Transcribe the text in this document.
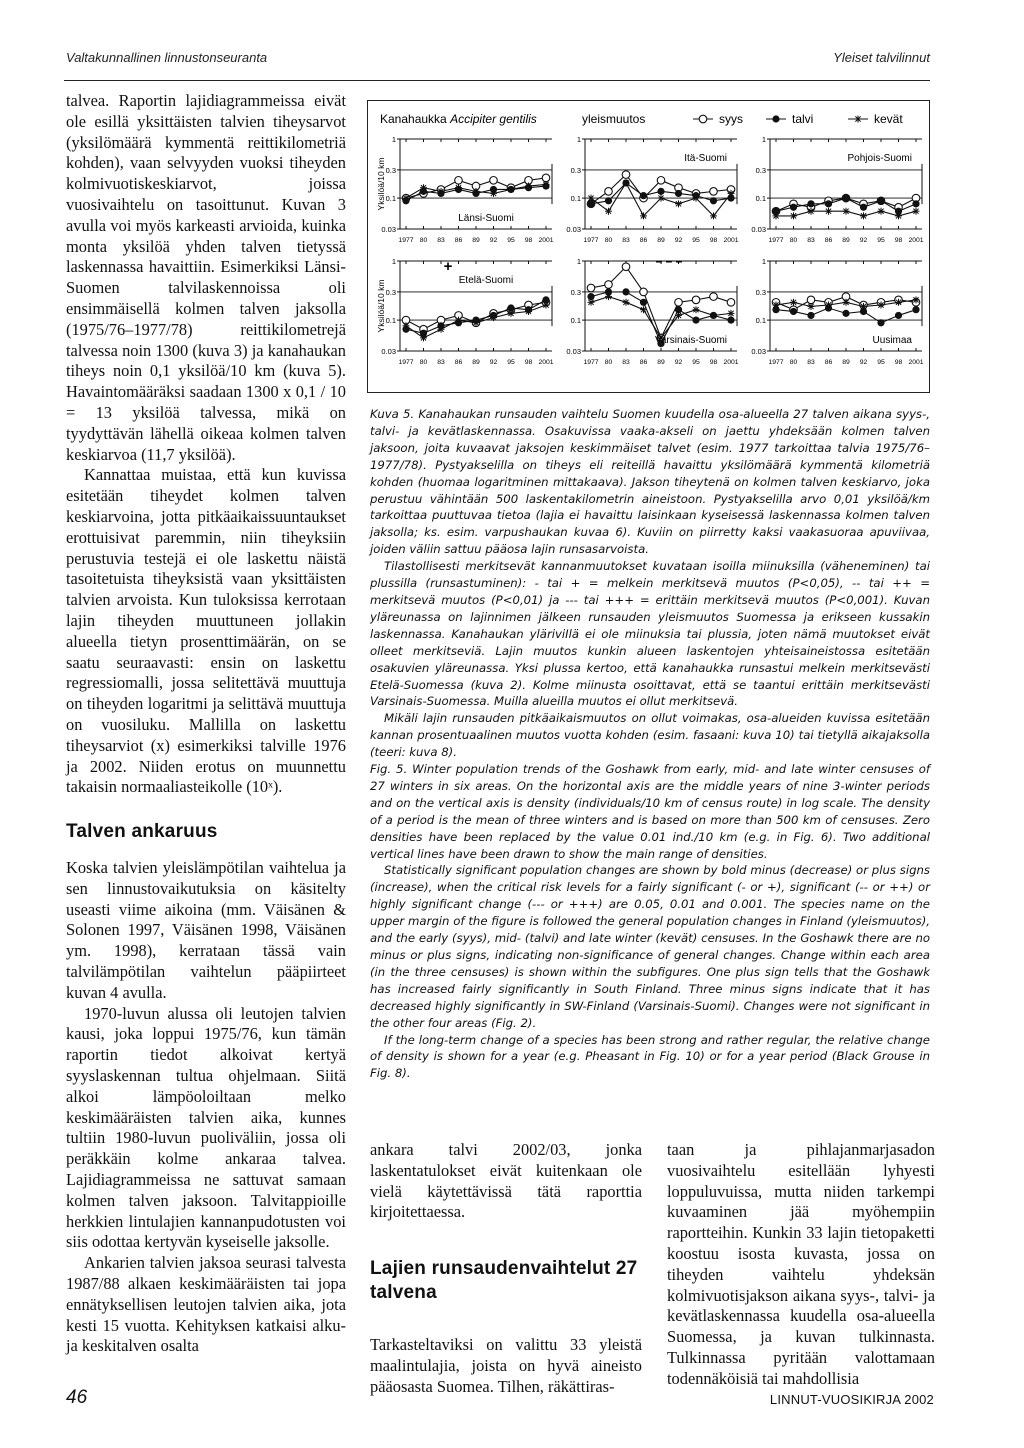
Valtakunnallinen linnustonseuranta	Yleiset talvilinnut

talvea. Raportin lajidiagrammeissa eivät ole esillä yksittäisten talvien tiheysarvot (yksilömäärä kymmentä reittikilometriä kohden), vaan selvyyden vuoksi tiheyden kolmivuotiskeskiarvot, joissa vuosivaihtelu on tasoittunut. Kuvan 3 avulla voi myös karkeasti arvioida, kuinka monta yksilöä yhden talven tietyssä laskennassa havaittiin. Esimerkiksi Länsi-Suomen talvilaskennoissa oli ensimmäisellä kolmen talven jaksolla (1975/76–1977/78) reittikilometrejä talvessa noin 1300 (kuva 3) ja kanahaukan tiheys noin 0,1 yksilöä/10 km (kuva 5). Havaintomääräksi saadaan 1300 x 0,1 / 10 = 13 yksilöä talvessa, mikä on tyydyttävän lähellä oikeaa kolmen talven keskiarvoa (11,7 yksilöä).

Kannattaa muistaa, että kun kuvissa esitetään tiheydet kolmen talven keskiarvoina, jotta pitkäaikaissuuntaukset erottuisivat paremmin, niin tiheyksiin perustuvia testejä ei ole laskettu näistä tasoitetuista tiheyksistä vaan yksittäisten talvien arvoista. Kun tuloksissa kerrotaan lajin tiheyden muuttuneen jollakin alueella tietyn prosenttimäärän, on se saatu seuraavasti: ensin on laskettu regressiomalli, jossa selitettävä muuttuja on tiheyden logaritmi ja selittävä muuttuja on vuosiluku. Mallilla on laskettu tiheysarviot (x) esimerkiksi talville 1976 ja 2002. Niiden erotus on muunnettu takaisin normaaliasteikolle (10ˣ).

Talven ankaruus

Koska talvien yleislämpötilan vaihtelua ja sen linnustovaikutuksia on käsitelty useasti viime aikoina (mm. Väisänen & Solonen 1997, Väisänen 1998, Väisänen ym. 1998), kerrataan tässä vain talvilämpötilan vaihtelun pääpiirteet kuvan 4 avulla.

1970-luvun alussa oli leutojen talvien kausi, joka loppui 1975/76, kun tämän raportin tiedot alkoivat kertyä syyslaskennan tultua ohjelmaan. Siitä alkoi lämpöoloiltaan melko keskimääräisten talvien aika, kunnes tultiin 1980-luvun puoliväliin, jossa oli peräkkäin kolme ankaraa talvea. Lajidiagrammeissa ne sattuvat samaan kolmen talven jaksoon. Talvitappioille herkkien lintulajien kannanpudotusten voi siis odottaa kertyvän kyseiselle jaksolle.

Ankarien talvien jaksoa seurasi talvesta 1987/88 alkaen keskimääräisten tai jopa ennätyksellisen leutojen talvien aika, jota kesti 15 vuotta. Kehityksen katkaisi alku- ja keskitalven osalta

Kanahaukka Accipiter gentilis	yleismuutos	syys	talvi	kevät
1
0.3
0.1
0.03
1977 80 83 86 89 92 95 98 2001
Yksilöä/10 km
Länsi-Suomi
1
0.3
0.1
0.03
1977 80 83 86 89 92 95 98 2001
Itä-Suomi
1
0.3
0.1
0.03
1977 80 83 86 89 92 95 98 2001
Pohjois-Suomi
1
0.3
0.1
0.03
1977 80 83 86 89 92 95 98 2001
Yksilöä/10 km	Etelä-Suomi
+	1
0.3
0.1
0.03
1977 80 83 86 89 92 95 98 2001
Varsinais-Suomi
– – –	1
0.3
0.1
0.03
1977 80 83 86 89 92 95 98 2001
Uusimaa

Kuva 5. Kanahaukan runsauden vaihtelu Suomen kuudella osa-alueella 27 talven aikana syys-, talvi- ja kevätlaskennassa. Osakuvissa vaaka-akseli on jaettu yhdeksään kolmen talven jaksoon, joita kuvaavat jaksojen keskimmäiset talvet (esim. 1977 tarkoittaa talvia 1975/76–1977/78). Pystyakselilla on tiheys eli reiteillä havaittu yksilömäärä kymmentä kilometriä kohden (huomaa logaritminen mittakaava). Jakson tiheytenä on kolmen talven keskiarvo, joka perustuu vähintään 500 laskentakilometrin aineistoon. Pystyakselilla arvo 0,01 yksilöä/km tarkoittaa puuttuvaa tietoa (lajia ei havaittu laisinkaan kyseisessä laskennassa kolmen talven jaksolla; ks. esim. varpushaukan kuvaa 6). Kuviin on piirretty kaksi vaakasuoraa apuviivaa, joiden väliin sattuu pääosa lajin runsasarvoista.

Tilastollisesti merkitsevät kannanmuutokset kuvataan isoilla miinuksilla (väheneminen) tai plussilla (runsastuminen): - tai + = melkein merkitsevä muutos (P<0,05), -- tai ++ = merkitsevä muutos (P<0,01) ja --- tai +++ = erittäin merkitsevä muutos (P<0,001). Kuvan yläreunassa on lajinnimen jälkeen runsauden yleismuutos Suomessa ja erikseen kussakin laskennassa. Kanahaukan yläriviIlä ei ole miinuksia tai plussia, joten nämä muutokset eivät olleet merkitseviä. Lajin muutos kunkin alueen laskentojen yhteisaineistossa esitetään osakuvien yläreunassa. Yksi plussa kertoo, että kanahaukka runsastui melkein merkitsevästi Etelä-Suomessa (kuva 2). Kolme miinusta osoittavat, että se taantui erittäin merkitsevästi Varsinais-Suomessa. Muilla alueilla muutos ei ollut merkitsevä.

Mikäli lajin runsauden pitkäaikaismuutos on ollut voimakas, osa-alueiden kuvissa esitetään kannan prosentuaalinen muutos vuotta kohden (esim. fasaani: kuva 10) tai tietyllä aikajaksolla (teeri: kuva 8).

Fig. 5. Winter population trends of the Goshawk from early, mid- and late winter censuses of 27 winters in six areas. On the horizontal axis are the middle years of nine 3-winter periods and on the vertical axis is density (individuals/10 km of census route) in log scale. The density of a period is the mean of three winters and is based on more than 500 km of censuses. Zero densities have been replaced by the value 0.01 ind./10 km (e.g. in Fig. 6). Two additional vertical lines have been drawn to show the main range of densities.

Statistically significant population changes are shown by bold minus (decrease) or plus signs (increase), when the critical risk levels for a fairly significant (- or +), significant (-- or ++) or highly significant change (--- or +++) are 0.05, 0.01 and 0.001. The species name on the upper margin of the figure is followed the general population changes in Finland (yleismuutos), and the early (syys), mid- (talvi) and late winter (kevät) censuses. In the Goshawk there are no minus or plus signs, indicating non-significance of general changes. Change within each area (in the three censuses) is shown within the subfigures. One plus sign tells that the Goshawk has increased fairly significantly in South Finland. Three minus signs indicate that it has decreased highly significantly in SW-Finland (Varsinais-Suomi). Changes were not significant in the other four areas (Fig. 2).

If the long-term change of a species has been strong and rather regular, the relative change of density is shown for a year (e.g. Pheasant in Fig. 10) or for a year period (Black Grouse in Fig. 8).

ankara talvi 2002/03, jonka laskentatulokset eivät kuitenkaan ole vielä käytettävissä tätä raporttia kirjoitettaessa.

Lajien runsaudenvaihtelut 27 talvena

Tarkasteltaviksi on valittu 33 yleistä maalintulajia, joista on hyvä aineisto pääosasta Suomea. Tilhen, räkättiras-

taan ja pihlajanmarjasadon vuosivaihtelu esitellään lyhyesti loppuluvuissa, mutta niiden tarkempi kuvaaminen jää myöhempiin raportteihin. Kunkin 33 lajin tietopaketti koostuu isosta kuvasta, jossa on tiheyden vaihtelu yhdeksän kolmivuotisjakson aikana syys-, talvi- ja kevätlaskennassa kuudella osa-alueella Suomessa, ja kuvan tulkinnasta. Tulkinnassa pyritään valottamaan todennäköisiä tai mahdollisia

46	LINNUT-VUOSIKIRJA 2002
